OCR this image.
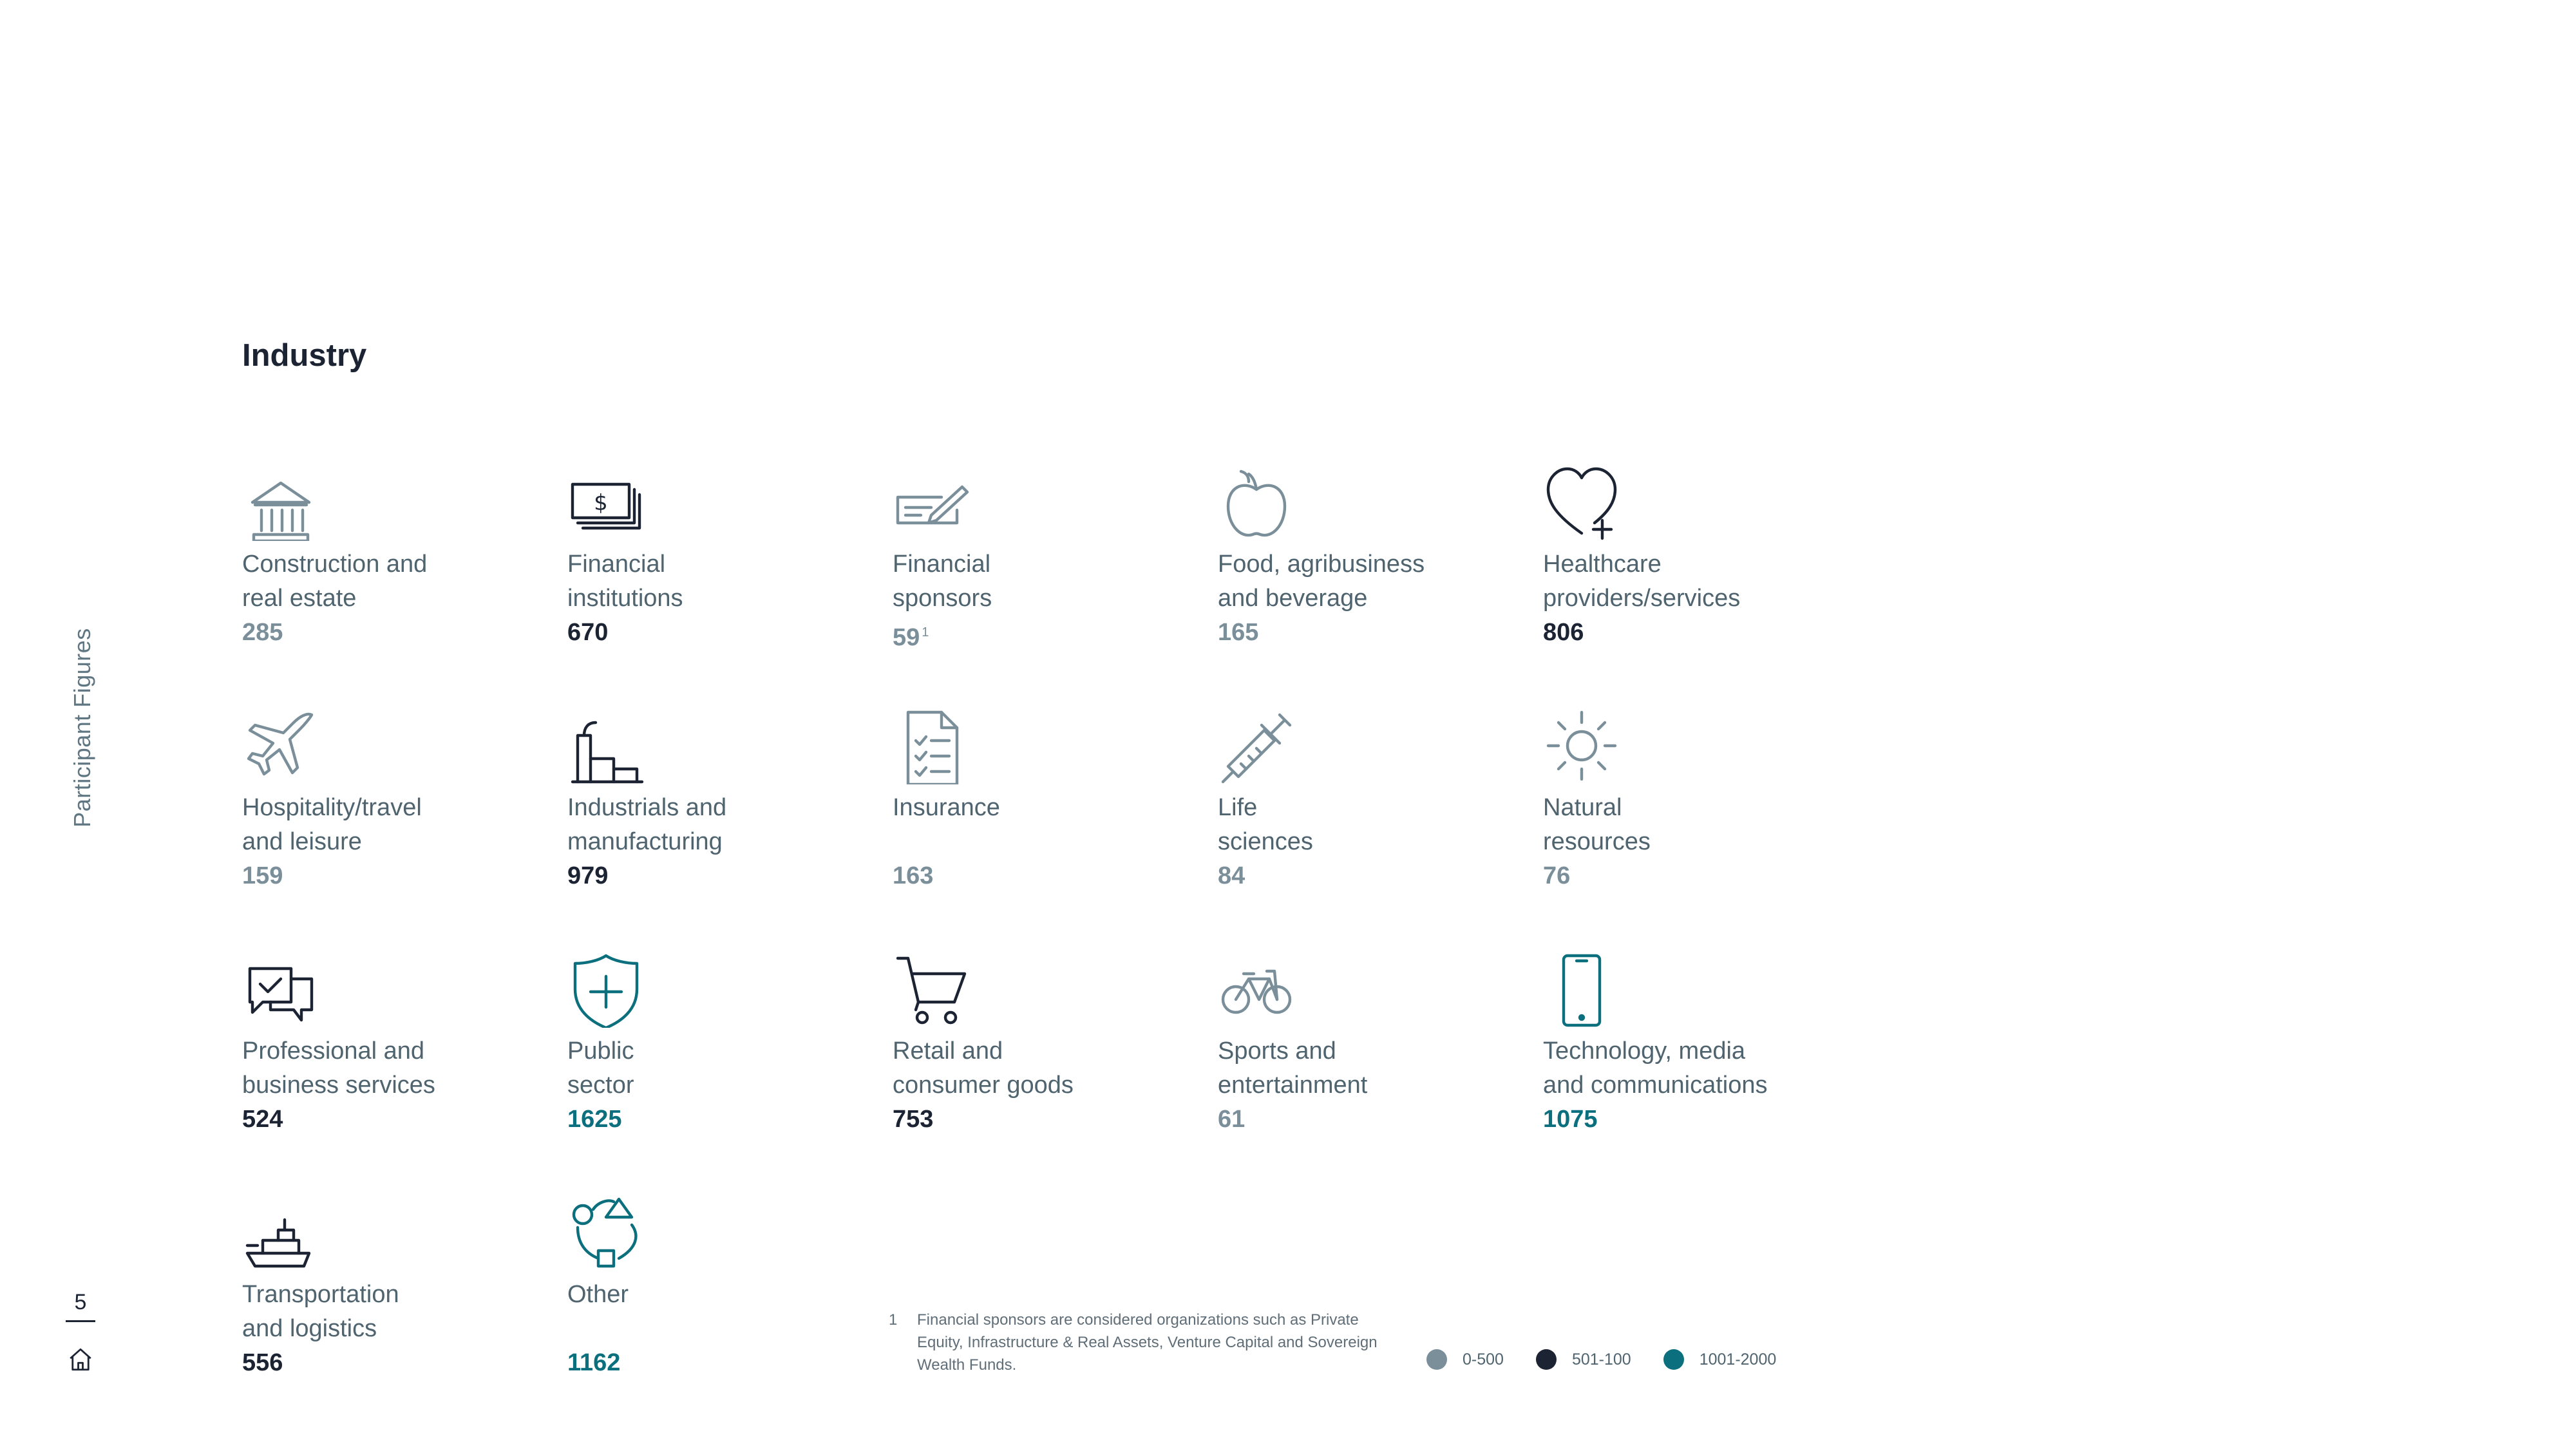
Participant Figures
5
Industry
Construction and
real estate
285
$
Financial
institutions
670
Financial
sponsors
59 $^1$
Food, agribusiness
and beverage
165
Healthcare
providers/services
806
Hospitality/travel
and leisure
159
Industrials and
manufacturing
979
Insurance
163
Life
sciences
84
Natural
resources
76
Professional and
business services
524
Public
sector
1625
Retail and
consumer goods
753
Sports and
entertainment
61
Technology, media
and communications
1075
Transportation
and logistics
556
Other
1162
1 Financial sponsors are considered organizations such as Private Equity, Infrastructure & Real Assets, Venture Capital and Sovereign Wealth Funds.	0-500	501-100	1001-2000
